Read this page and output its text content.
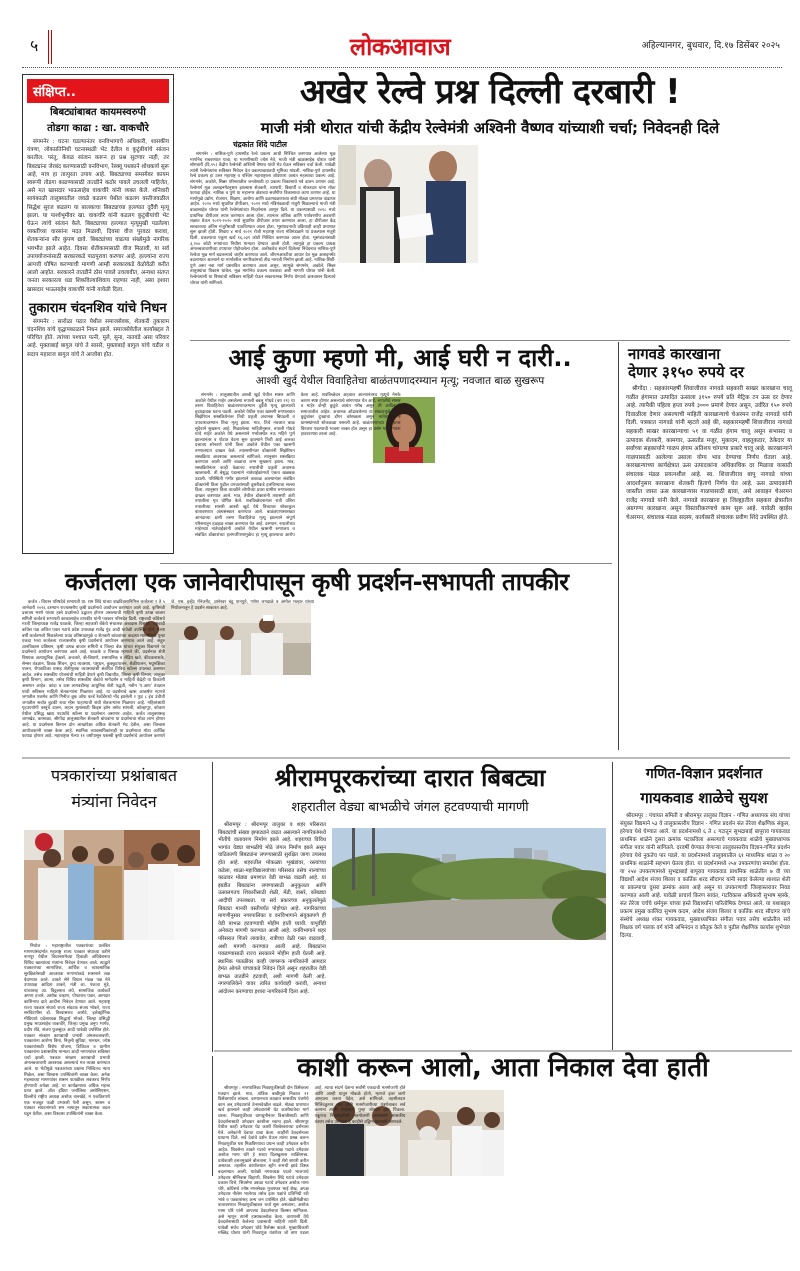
५	लोकआवाज	अहिल्यानगर, बुधवार, दि.१७ डिसेंबर २०२५
संक्षिप्त..
बिबट्यांबाबत कायमस्वरुपी
तोडगा काढा : खा. वाकचौरे
संगमनेर : घटना घडल्यानंतर वनविभागाचे अधिकारी, शासकीय यंत्रणा, लोकप्रतिनिधी घटनास्थळी भेट देतील व कुटुंबीयांचे सांत्वन करतील. परंतु, केवळ सांत्वन करून हा प्रश्न सुटणार नाही, तर बिबट्यांना जेरबंद करण्यासाठी वनविभाग, रेस्क्यू पथकाने शोधकार्य सुरू आहे, मात्र हा तात्पुरता उपाय आहे. बिबट्याच्या समस्येवर कायम स्वरूपी तोडगा काढण्यासाठी तातडीने कठोर पावले उचलली पाहिजेत, असे मत खासदार भाऊसाहेब वाकचौरे यांनी व्यक्त केले. शनिवारी सायंकाळी तालुक्यातील जवळे कडलग येथील कडलग वस्तीजवळील सिद्धेश सुरज कडलग या बालकाचा बिबट्याच्या हल्ल्यात दुर्दैवी मृत्यू झाला. या पार्श्वभूमीवर खा. वाकचौरे यांनी कडलग कुटुंबीयांची भेट घेऊन त्यांचे सांत्वन केले. बिबट्याच्या हल्ल्यात मृत्युमुखी पडलेल्या व्यक्तींच्या वारसांना मदत मिळावी, दिवसा वीज पुरवठा करावा, शेतकऱ्यांना सौर कुंपण द्यावे. बिबट्यांच्या वाढत्या संख्येमुळे नागरिक भयभीत झाले आहेत. दिवसा शेतीकामासाठी वीज मिळावी, या सर्व उपाययोजनांसाठी सरकारकडे पाठपुरावा करणार आहे. हल्ल्यांना राज्य आपत्ती घोषित करण्याची मागणी आम्ही सरकारकडे वेळोवेळी करीत आलो आहोत. सरकारने तातडीने ठोस पावले उचलावीत, अन्यथा संतप्त जनता सरकारला धडा शिकविल्याशिवाय राहणार नाही, असा इशारा खासदार भाऊसाहेब वाकचौरे यांनी यावेळी दिला.
तुकाराम चंदनशिव यांचे निधन
संगमनेर : सारोळा पठार येथील समाजसेवक, शेतकरी तुकाराम चंदनशिव यांचे वृद्धापकाळाने निधन झाले. समाजसेवेतील कार्याबद्दल ते परिचित होते. त्यांच्या पश्चात पत्नी, मुले, सुना, नातवंडे असा परिवार आहे. मुक्ताबाई बागुल यांचे ते सासरे, मुक्ताबाई बागुल यांचे वडील व सदाप महाराज बागुल यांचे ते आजोबा होत.
अखेर रेल्वे प्रश्न दिल्ली दरबारी !
माजी मंत्री थोरात यांची केंद्रीय रेल्वेमंत्री अश्विनी वैष्णव यांच्याशी चर्चा; निवेदनही दिले
चंद्रकांत शिंदे पाटील
संगमनेर : नाशिक-पुणे हायस्पीड रेल्वे प्रकल्प आधी निश्चित करण्यात आलेल्या मूळ मार्गानेच राबवण्यात यावा, या मागणीसाठी ज्येष्ठ नेते, माजी मंत्री बाळासाहेब थोरात यांनी सोमवारी (दि.१५) केंद्रीय रेल्वेमंत्री अश्विनी वैष्णव यांची भेट घेऊन सविस्तर चर्चा केली. यावेळी त्यांनी रेल्वेमंत्र्यांना सविस्तर निवेदन देत प्रकल्पाबाबतची भूमिका मांडली. नाशिक-पुणे हायस्पीड रेल्वे प्रकल्प हा उत्तर महाराष्ट्र व पश्चिम महाराष्ट्राला जोडणारा अत्यंत महत्त्वाचा प्रकल्प आहे. संगमनेर, अकोले, सिन्नर परिसरातील जनतेसाठी हा प्रकल्प विकासाचे नवे दालन ठरणार आहे. रेल्वेमार्ग मूळ अलाइनमेंटनुसार झाल्यास शेतकरी, व्यापारी, विद्यार्थी व नोकरदार यांना मोठा फायदा होईल. नाशिक व पुणे या महानगर क्षेत्राच्या सर्वांगीण विकासाचा कणा ठरणार आहे. या मार्गामुळे उद्योग, रोजगार, शिक्षण, आरोग्य आणि दळणवळणाच्या संधी मोठ्या प्रमाणात वाढणार आहेत. २०२० मध्ये सुधारित डीपीआर, २०२१ मध्ये मंत्रिमंडळाची मंजुरी मिळाल्याचे माजी मंत्री बाळासाहेब थोरात यांनी रेल्वेमंत्र्यांच्या निदर्शनास आणून दिले. या प्रकल्पासाठी २०१८ मध्ये प्राथमिक डीपीआर तयार करण्यात आला होता. त्यानंतर तांत्रिक आणि पर्यावरणीय अडचणी लक्षात घेऊन २०१९-२०२० मध्ये सुधारित डीपीआर तयार करण्यात आला. हा डीपीआर केंद्र सरकारच्या अंतिम मंजुरीसाठी पाठविण्यात आला होता. भूसंपादनाची प्रक्रियाही काही प्रमाणात सुरू झाली होती. शिवाय ४ मार्च २०२१ रोजी महाराष्ट्र राज्य मंत्रिमंडळाने या प्रकल्पास मंजुरी दिली. प्रकल्पाचा एकूण खर्च १६,०३९ कोटी निश्चित करण्यात आला होता. भूसंपादनासाठी ३,२०० कोटी रुपयांच्या निधीस मान्यता देण्यात आली होती. त्यामुळे हा प्रकल्प प्रत्यक्ष अंमलबजावणीच्या टप्प्यावर पोहोचलेला होता. अलीकडेच संदर्भ दिलेल्या निवेदनात नाशिक-पुणे रेल्वेचा मूळ मार्ग बदलल्याचे जाहीर करण्यात आले. जीएमआरटीचा आधार देत मूळ अलाइनमेंट बदलण्यात आल्याने या मार्गावरील नागरिकांमध्ये तीव्र नाराजी निर्माण झाली आहे. नाशिक-शिर्डी-पुणे असा नवा मार्ग प्रस्तावित करण्यात आला असून, त्यामुळे संगमनेर, अकोले, सिन्नर तालुक्यांचा विकास थांबेल. मूळ मार्गानेच प्रकल्प राबवावा अशी मागणी थोरात यांनी केली. रेल्वेमंत्र्यांनी या विषयाची सविस्तर माहिती घेऊन सकारात्मक निर्णय घेण्याचे आश्वासन दिल्याचे थोरात यांनी सांगितले.
आई कुणा म्हणो मी, आई घरी न दारी..
आश्वी खुर्द येथील विवाहितेचा बाळंतपणादरम्यान मृत्यू; नवजात बाळ सुखरूप
संगमनेर : तालुक्यातील आश्वी खुर्द येथील सासर आणि अकोले येथील माहेर असलेल्या रुपाली बबलू गोधडे (वय २१) या तरुण विवाहितेचा बाळंतपणादरम्यान दुर्दैवी मृत्यू झाल्याची हृदयद्रावक घटना घडली. अकोले येथील एका खासगी रुग्णालयात सिझेरियन शस्त्रक्रियेनंतर तिची प्रकृती अचानक बिघडली व उपचारादरम्यान तिचा मृत्यू झाला. मात्र, तिचे नवजात बाळ सुदैवाने सुखरूप आहे. मिळालेल्या माहितीनुसार, रुपाली गोधडे यांचे माहेर अकोले येथे असल्याने गर्भावस्थेत नऊ महिने पूर्ण झाल्यानंतर व पोटात वेदना सुरू झाल्याने तिची आई अलका दत्तात्रय सोनवणे यांनी तिला अकोले येथील एका खासगी रुग्णालयात दाखल केले. तपासणीनंतर डॉक्टरांनी सिझेरियन शस्त्रक्रिया आवश्यक असल्याचे सांगितले. त्यानुसार शस्त्रक्रिया करण्यात आली आणि बाळाचा जन्म सुखरूप झाला. मात्र, शस्त्रक्रियेनंतर काही वेळातच रुपालीची प्रकृती अचानक खालावली. ती बेशुद्ध पडल्याने नातेवाईकांमध्ये एकच खळबळ उडाली. परिस्थिती गंभीर झाल्याने तत्काळ आल्यानंतर संबंधित डॉक्टरांनी तिला पुढील उपचारांसाठी दुसरीकडे हलविण्याचा सल्ला दिला. त्यानुसार तिला तातडीने लोणीच्या प्रवरा ग्रामीण रुग्णालयात दाखल करण्यात आले. मात्र, तेथील डॉक्टरांनी तपासणी अंती रुपालीला मृत घोषित केले. शवविच्छेदनानंतर रात्री उशिरा रुपालीच्या सासरी आश्वी खुर्द येथे तिच्यावर शोकाकुल वातावरणात अंत्यसंस्कार करण्यात आले. बाळंतपणासारख्या आनंदाच्या क्षणी तरुण विवाहितेचा मृत्यू झाल्याने संपूर्ण परिसरातून हळहळ व्यक्त करण्यात येत आहे. दरम्यान, रुपालीच्या माहेरच्या नातेवाईकांनी अकोले येथील खासगी रुग्णालय व संबंधित डॉक्टरांच्या हलगर्जीपणामुळेच हा मृत्यू झाल्याचा आरोप केला आहे. शवविच्छेदन अहवाल आल्यानंतरच मृत्यूचे नेमके कारण स्पष्ट होणार असल्याचे सांगण्यात येत आहे. रुपालीचे सासर व माहेर दोन्ही कुटुंबे अत्यंत गरीब असून ती आदिवासी समाजातील आहेत. अचानक ओढावलेल्या या संकटामुळे दोन्ही कुटुंबांवर दुःखाचा डोंगर कोसळला असून नातेवाईक व ग्रामस्थांमध्ये शोककळा पसरली आहे. बाळंतपणाच्या आनंदावर विरजण पडल्याची भावना व्यक्त होत असून हा प्रसंग गावकऱ्यांना हादरवणारा ठरला आहे.
नागवडे कारखाना
देणार ३१५० रुपये दर
श्रीगोंदा : सहकारमहर्षी शिवाजीराव नागवडे सहकारी साखर कारखाना चालू गळीत हंगामात उत्पादित ऊसाला ३१५० रुपये प्रति मेट्रिक टन ऊस दर देणार आहे. त्यापैकी पहिला हप्ता रुपये ३००० प्रमाणे देणार असून, उर्वरित १५० रुपये दिवाळीला देणार असल्याची माहिती कारखान्याचे चेअरमन राजेंद्र नागवडे यांनी दिली. पत्रकात नागवडे यांनी म्हटले आहे की, सहकारमहर्षी शिवाजीराव नागवडे सहकारी साखर कारखान्याचा ५१ वा गळीत हंगाम चालू असून सभासद व उत्पादक शेतकरी, कामगार, ऊसतोड मजूर, मुकादम, वाहतूकदार, ठेकेदार या सर्वांच्या सहकार्याने गाळप हंगाम अतिशय चांगल्या प्रकारे चालू आहे. कारखान्याने गाळपासाठी आलेल्या उसाला योग्य भाव देण्याचा निर्णय घेतला आहे. कारखान्याच्या कार्यक्षेत्रात ऊस उत्पादकांना अधिकाधिक दर मिळावा यासाठी संचालक मंडळ प्रयत्नशील आहे. स्व. शिवाजीराव बापू नागवडे यांच्या आदर्शानुसार कारखाना शेतकरी हिताचे निर्णय घेत आहे. ऊस उत्पादकांनी जास्तीत जास्त ऊस कारखान्यास गाळपासाठी द्यावा, असे आवाहन चेअरमन राजेंद्र नागवडे यांनी केले. नागवडे कारखाना हा जिल्ह्यातील सहकार क्षेत्रातील अग्रगण्य कारखाना असून विस्तारीकरणाचे काम सुरू आहे. यावेळी व्हाईस चेअरमन, संचालक मंडळ सदस्य, कार्यकारी संचालक प्रवीण शिंदे उपस्थित होते.
कर्जतला एक जानेवारीपासून कृषी प्रदर्शन-सभापती तापकीर
कर्जत : विधान परिषदेचे सभापती प्रा. राम शिंदे यांच्या वाढदिवसानिमित्त कर्जतला १ ते ५ जानेवारी २०२६ दरम्यान राज्यस्तरीय कृषी प्रदर्शनाचे आयोजन करण्यात आले आहे. कृषिमंत्री दत्तात्रय भरणे यांच्या हस्ते प्रदर्शनाचे उद्घाटन होणार असल्याची माहिती कृषी उत्पन्न बाजार समिती कर्जतचे सभापती काकासाहेब तापकीर यांनी पत्रकार परिषदेत दिली. राष्ट्रवादी काँग्रेसचे माजी जिल्हाध्यक्ष राजेंद्र फाळके, जिल्हा सहकारी बँकेचे संचालक अंबादास पिसाळ, राष्ट्रवादी काँग्रेस पक्ष अजित पवार गटाचे प्रदेश उपाध्यक्ष राजेंद्र गुंड आदी यावेळी उपस्थित होते. गेल्या वर्षी कर्जतमध्ये मिळालेल्या प्रचंड प्रतिसादामुळे व शेतकरी बांधवांच्या वाढत्या मागणीमुळे पुन्हा एकदा भव्य कर्जतला राज्यस्तरीय कृषी प्रदर्शनाचे आयोजन करण्यात आले आहे. सद्गुरु ज्ञानविकास प्रतिष्ठान, कृषी उत्पन्न बाजार समिती व जिल्हा बँक यांच्या संयुक्त विद्यमाने या प्रदर्शनाचे आयोजन करण्यात आले आहे. फाळके व पिसाळ म्हणाले की, प्रदर्शनात शेती विषयक अत्याधुनिक ट्रॅक्टर्स, अवजारे, बी-बियाणे, रासायनिक व सेंद्रिय खते, कीटकनाशके, सेन्सर तंत्रज्ञान, ठिबक सिंचन, दुग्ध व्यवसाय, पशुधन, कुक्कुटपालन, शेळीपालन, मधुमक्षिका पालन, रोपवाटिका यासह शेतीमूलक व्यवसायांशी संबंधित विविध स्टॉल्स उपलब्ध असणार आहेत. तसेच शासकीय योजनांची माहिती देणारे कृषी विद्यापीठ, जिल्हा कृषी विभाग, तालुका कृषी विभाग, आत्मा, तसेच विविध शासकीय बँकांचे मार्गदर्शन व माहिती केंद्रेही या ठिकाणी असणार आहेत. कांदा व ऊस लागवडीसह आधुनिक शेती पद्धती, नवीन 'ए.आय' तंत्रज्ञान यांची सविस्तर माहिती शेतकऱ्यांना मिळणार आहे. या प्रदर्शनाचे खास आकर्षण म्हणजे जगातील एकमेव आणि गिनीज बुक ऑफ वर्ल्ड रेकॉर्डमध्ये नोंद झालेली २ फूट ८ इंच उंचीची जगातील सर्वात बुटकी राधा म्हैस पाहण्याची संधी शेतकऱ्यांना मिळणार आहे. महिलांसाठी गृहउपयोगी वस्तूंचे दालन, लहान मुलांसाठी किड्स झोन तसेच सांगली, कोल्हापूर, कोकण येथील प्रसिद्ध खाद्य पदार्थांचे स्टॉल्स या प्रदर्शनात असणार आहेत. कर्जत तालुक्यासह जामखेड, करमाळा, श्रीगोंदा तालुक्यातील शेतकरी बांधवांना या प्रदर्शनाचा मोठा लाभ होणार आहे. या प्रदर्शनास किमान दोन लाखांपेक्षा अधिक शेतकरी भेट देतील, असा विश्वास आयोजकांनी व्यक्त केला आहे. स्थानिक व्यावसायिकांनाही या प्रदर्शनाचा मोठा आर्थिक फायदा होणार आहे. महाराष्ट्रात गेल्या ११ वर्षांपासून यशस्वी कृषी प्रदर्शनांचे आयोजन करणारे जे. एस. इव्हेंट मॅनेजमेंट, ज्ञानेश्वर बंडू पानपुते, गणेश जगदाळे व अमोल मल्हार यांच्या नियोजनातून हे प्रदर्शन साकारत आहे.
पत्रकारांच्या प्रश्नांबाबत
मंत्र्यांना निवेदन
निघोज : महाराष्ट्रातील पत्रकारांच्या प्रलंबित मागण्यांसंदर्भात महाराष्ट्र राज्य पत्रकार संघाच्या वतीने नागपूर येथील विधानसभेच्या हिवाळी अधिवेशनात विविध खात्यांच्या मंत्र्यांना निवेदन देण्यात आले. त्याद्वारे पत्रकारांच्या सामाजिक, आर्थिक व व्यावसायिक सुरक्षिततेसाठी आवश्यक मागण्यांकडे शासनाने लक्ष वेधण्यात आले. ठाकरे सेने विधान मंडळ पक्ष नेते उपाध्यक्ष आदित्य ठाकरे, मंत्री आ. पंकजा मुंडे, यांच्यासह आ. विठ्ठलराव लंघे, सामाजिक कार्यकर्ते अण्णा हजारे, अशोक चव्हाण, पोपटराव पवार, आमदार काशिनाथ दाते आदींना निवेदन देण्यात आले. महाराष्ट्र राज्य पत्रकार संघाचे राज्य संघटक संजय भोकरे, राज्य सरचिटणीस डॉ. विश्वासराव आरोटे, इलेक्ट्रॉनिक मीडियाचे प्रदेशाध्यक्ष सिद्धार्थ भोकरे, जिल्हा प्रसिद्धी प्रमुख भाऊसाहेब वाकचौरे, जिल्हा प्रमुख अनुप भार्गव, प्रदीप शेंडे, संजय फुलसुंदर आदी यावेळी उपस्थित होते. पत्रकार संरक्षण कायद्याची प्रभावी अंमलबजावणी, पत्रकारांना आरोग्य विमा, निवृत्ती सुविधा, मानधन, ज्येष्ठ पत्रकारांसाठी विशेष योजना, डिजिटल व ग्रामीण पत्रकारांना प्रशासकीय मान्यता आदी मागण्यांवर सविस्तर चर्चा झाली. पत्रकार संरक्षण कायद्याची प्रभावी अंमलबजावणी आवश्यक असल्याचे मत व्यक्त करण्यात आले. या भेटीमुळे पत्रकारांच्या प्रश्नांना निश्चितच न्याय मिळेल, असा विश्वास उपस्थितांनी व्यक्त केला. अनेक महत्त्वाच्या मागण्यांवर शासन पातळीवर लवकरच निर्णय होण्याची अपेक्षा आहे. या कार्यक्रमाला अधिक महत्त्व प्राप्त झाले. ऑल इंडिया जर्नालिस्ट असोसिएशन, दिल्लीचे राष्ट्रीय अध्यक्ष अशोक वानखेडे, म एकत्रितपणे एक मजबूत फळी उभारली गेली असून, शासन व पत्रकार संघटनांमध्ये सम न्वयातून सकारात्मक बदल घडून येतील, असा विश्वास उपस्थितांनी व्यक्त केला.
श्रीरामपूरकरांच्या दारात बिबट्या
शहरातील वेड्या बाभळीचे जंगल हटवण्याची मागणी
श्रीरामपूर : श्रीरामपूर तालुका व शहर परिसरात बिबट्यांची संख्या झपाट्याने वाढत असल्याने नागरिकांमध्ये भीतीचे वातावरण निर्माण झाले आहे. शहराच्या विविध भागांत वेड्या बाभळीचे मोठे जंगल निर्माण झाले असून याठिकाणी बिबट्यांना लपण्यासाठी सुरक्षित जागा उपलब्ध होत आहे. शहरातील मोकळ्या भूखंडांवर, रस्त्यांच्या कडेला, शाळा-महाविद्यालयांच्या परिसरात तसेच नाल्यांच्या काठावर मोठ्या प्रमाणात वेडी बाभळ वाढली आहे. या झाडीत बिबट्यांना लपण्यासाठी अनुकूलता आणि ऊसालगतच शिकारीसाठी शेळी, मेंढी, वासरे, कोंबड्या आदींची उपलब्धता. या सर्व प्रकारच्या अनुकूलतेमुळे बिबट्या मानवी वस्तीपर्यंत पोहोचत आहे. नागरिकांच्या मागणीनुसार नगरपालिका व वनविभागाने संयुक्तपणे ही वेडी बाभळ हटवण्याची मोहीम हाती घ्यावी. यापूर्वीही अनेकदा मागणी करण्यात आली आहे. वनविभागाने शहर परिसरात पिंजरे लावावेत, रात्रीच्या वेळी गस्त वाढवावी, अशी मागणी करण्यात आली आहे. बिबट्यांना पकडण्यासाठी राज्य सरकारने मोहीम हाती घेतली आहे. स्थानिक पातळीवर काही जागरूक नागरिकांनी आमदार हेमंत ओगले यांच्याकडे निवेदन दिले असून शहरातील वेडी बाभळ तातडीने हटवावी, अशी मागणी केली आहे. नगरपालिकेने यावर त्वरित कार्यवाही करावी, अन्यथा आंदोलन करण्याचा इशारा नागरिकांनी दिला आहे.
गणित-विज्ञान प्रदर्शनात
गायकवाड शाळेचे सुयश
श्रीरामपूर : पंचायत समिती व श्रीरामपूर तालुका विज्ञान - गणित अध्यापक संघ यांच्या संयुक्त विद्यमाने ५३ वे तालुकास्तरीय विज्ञान - गणित प्रदर्शन संत तेरेजा शैक्षणिक संकुल, हरेगाव येथे घेण्यात आले. या प्रदर्शनामध्ये ६ ते ८ गटातून सुभद्राबाई बापूराव गायकवाड प्राथमिक शाळेने दुसरा क्रमांक पटकविला असल्याचे गायकवाड शाळेचे मुख्याध्यापक संगीता पवार यांनी सांगितले. दरवर्षी घेण्यात येणाऱ्या तालुकास्तरीय विज्ञान-गणित प्रदर्शन हरेगाव येथे नुकतेच पार पडले. या प्रदर्शनामध्ये तालुक्यातील ६१ माध्यमिक शाळा व २० प्राथमिक शाळांनी सहभाग घेतला होता. या प्रदर्शनामध्ये २५४ उपकरणांचा समावेश होता. या २५४ उपकरणामध्ये सुभद्राबाई बापूराव गायकवाड प्राथमिक शाळेतील ७ वी च्या विद्यार्थी आदेश संजय शिलार व कार्तिक शरद सौदागर यांनी सादर केलेल्या शाश्वत शेती या प्रकल्पाचा दुसरा क्रमांक आला आहे असून या उपकरणाची जिल्हास्तरावर निवड करण्यात आली आहे. यावेळी प्राचार्य किरण सावंत, गटविकास अधिकारी सुभाष म्हस्के, संत तेरेजा चर्चचे धर्मगुरू यांच्या हस्ते विद्यार्थ्यांना पारितोषिक देण्यात आले. या यशाबद्दल प्रकल्प प्रमुख कालिंदा सुभाष कदम, आदेश संजय शिलार व कार्तिक शरद सौदागर यांचे संस्थेचे अध्यक्ष शंकर गायकवाड, मुख्याध्यापिका संगीता पवार तसेच शाळेतील सर्व शिक्षक वर्ग पालक वर्ग यांनी अभिनंदन व कौतुक केले व पुढील शैक्षणिक कार्यास शुभेच्छा दिल्या.
काशी करून आलो, आता निकाल देवा हाती
श्रीरामपूर : नगरपालिका निवडणुकीसाठी दोन डिसेंबरला मतदान झाले. मात्र, तांत्रिक बाबींमुळे निकाल २१ डिसेंबरपर्यंत लांबला. दरम्यानच्या काळात शासकीय यंत्रणेचे काम अन् उमेदवारांचे टेन्शनदेखील वाढले. मोठ्या प्रमाणात खर्च झाल्याने काही उमेदवारांनी थेट काशीयात्रेचा मार्ग धरला. निवडणुकीच्या धामधुमीनंतर विश्रांतीसाठी आणि देवदर्शनासाठी उमेदवार काशीला रवाना झाले. श्रीरामपूर येथील काही उमेदवार थेट काशी विश्वेश्वराच्या दर्शनाला गेले. अनेकांनी देवाचा धावा केला. काहींनी देवदर्शनाला प्राधान्य दिले. सर्व देवांचे दर्शन घेऊन त्यांना प्रसन्न करून निवडणुकीत यश मिळविण्याचा प्रयत्न काही उमेदवार करीत आहेत. शिवसेना ठाकरे गटाचे नगराध्यक्ष पदाचे उमेदवार अशोक मामा थोरे हे सध्या दिलखुलास व्यक्तिमत्त्व. प्रत्येकाशी हसतमुखाने बोलताना, रे काही शेरो शायरी करीत असतात. तहसील कार्यालयात स्ट्रॉंग रूमची झाडे डिस्क बदलण्यात आली. यावेळी नगराध्यक्ष पदाचे भाजपाचे उमेदवार श्रीनिवास बिहाणी, शिवसेना शिंदे गटाचे उमेदवार प्रकाश चित्ते, शिवसेना उबाठा गटाचे उमेदवार अशोक मामा थोरे, काँग्रेसचे ज्येष्ठ नगरसेवक मुजफ्फर भाई शेख, अपक्ष उमेदवार नीलेश भालेराव तसेच इतर पक्षांचे प्रतिनिधी रवी भांबे व पत्रकारांसह अन्य जन उपस्थित होते. खेळीमेळीच्या वातावरणात निवडणुकीबाबत चर्चा सुरू असताना, अशोक मामा थोरे यांनी आपल्या देवदर्शनाचा किस्सा सांगितला. असे म्हणून त्यांनी हास्यकल्लोळ केला. वाराणसी येथे देवदर्शनासाठी केलेल्या प्रवासाची माहिती त्यांनी दिली. यावेळी सर्वच उमेदवार थोडे रिलॅक्स वाटले. मुख्याधिकारी मच्छिंद्र घोलप यांनी निवडणूक यंत्रणेवर जो ताण पडला आहे, त्याचा संदर्भ देताना सर्वांनी एकदाची मतमोजणी होते आणि आम्ही यातून मोकळे होतो, म्हणजे इतर जाणे आम्हाला करता येईल, असे सांगितले. तहसीलदार मिलिंदकुमार वाघ यांनी मतमोजणीच्या यंत्रणेबाबत सर्व कल्पना त्यांनी मांडल्याने पुन्हा जोरदार हशा पिकला. एकूणच निवडणुकीची मतमोजणी लांबल्याने शासकीय यंत्रणा तसेच उमेदवार हे काहीसे उद्विग्न झाल्याने जाणवले.
